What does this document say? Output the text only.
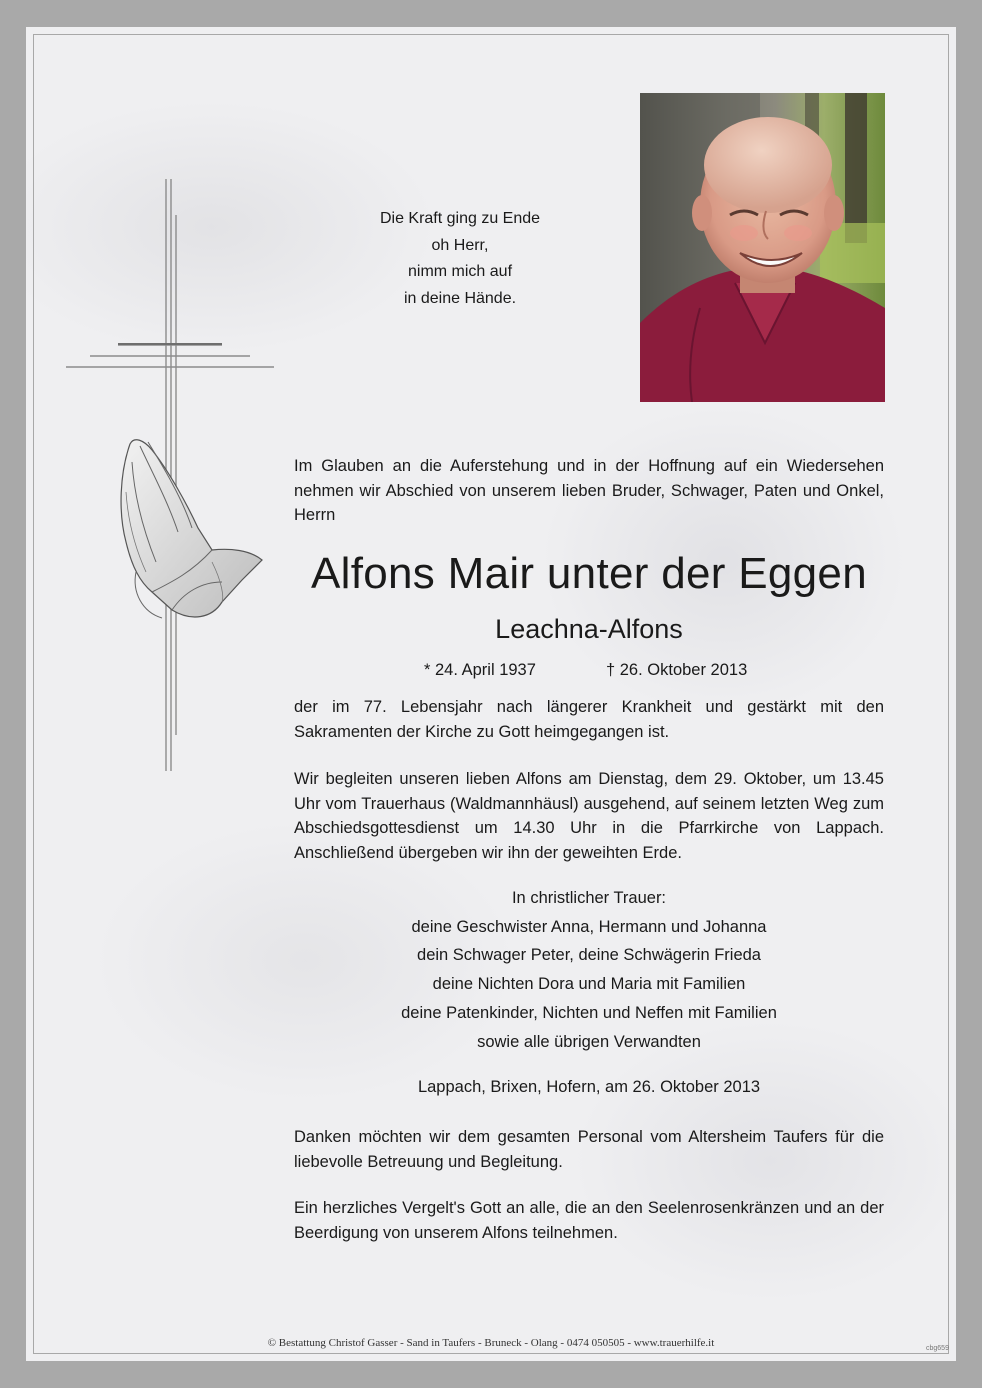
Die Kraft ging zu Ende
oh Herr,
nimm mich auf
in deine Hände.
Im Glauben an die Auferstehung und in der Hoffnung auf ein Wiedersehen nehmen wir Abschied von unserem lieben Bruder, Schwager, Paten und Onkel, Herrn
Alfons Mair unter der Eggen
Leachna-Alfons
* 24. April 1937	† 26. Oktober 2013
der im 77. Lebensjahr nach längerer Krankheit und gestärkt mit den Sakramenten der Kirche zu Gott heimgegangen ist.
Wir begleiten unseren lieben Alfons am Dienstag, dem 29. Oktober, um 13.45 Uhr vom Trauerhaus (Waldmannhäusl) ausgehend, auf seinem letzten Weg zum Abschiedsgottesdienst um 14.30 Uhr in die Pfarrkirche von Lappach. Anschließend übergeben wir ihn der geweihten Erde.
In christlicher Trauer:
deine Geschwister Anna, Hermann und Johanna
dein Schwager Peter, deine Schwägerin Frieda
deine Nichten Dora und Maria mit Familien
deine Patenkinder, Nichten und Neffen mit Familien
sowie alle übrigen Verwandten
Lappach, Brixen, Hofern, am 26. Oktober 2013
Danken möchten wir dem gesamten Personal vom Altersheim Taufers für die liebevolle Betreuung und Begleitung.
Ein herzliches Vergelt's Gott an alle, die an den Seelenrosenkränzen und an der Beerdigung von unserem Alfons teilnehmen.
© Bestattung Christof Gasser - Sand in Taufers - Bruneck - Olang - 0474 050505 - www.trauerhilfe.it	cbg659
